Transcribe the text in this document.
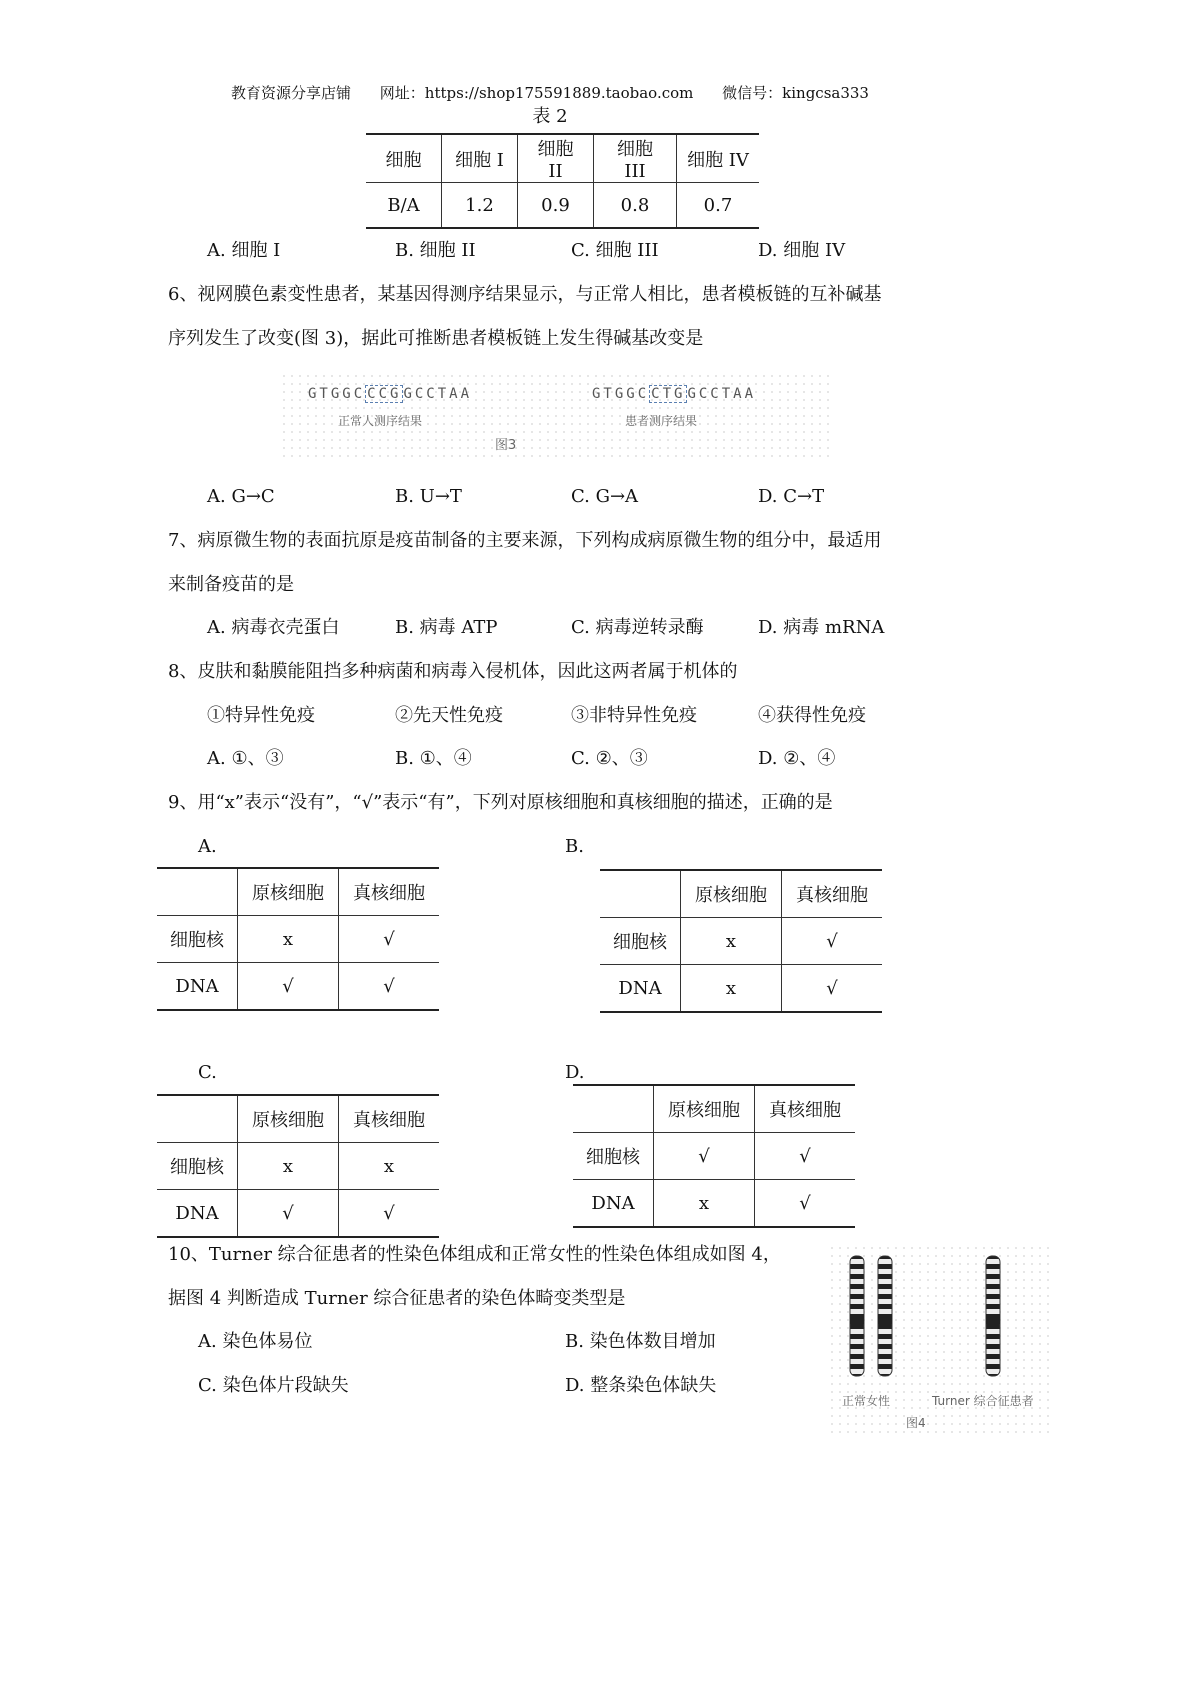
教育资源分享店铺 网址：https://shop175591889.taobao.com 微信号：kingcsa333
表 2
细胞	细胞 I	细胞 II	细胞 III	细胞 IV
B/A	1.2	0.9	0.8	0.7
A. 细胞 I	B. 细胞 II	C. 细胞 III	D. 细胞 IV
6、视网膜色素变性患者，某基因得测序结果显示，与正常人相比，患者模板链的互补碱基
序列发生了改变(图 3)，据此可推断患者模板链上发生得碱基改变是
GTGGC CCG GCCTAA
正常人测序结果
GTGGC CTG GCCTAA
患者测序结果
图3
A. G→C	B. U→T	C. G→A	D. C→T
7、病原微生物的表面抗原是疫苗制备的主要来源，下列构成病原微生物的组分中，最适用
来制备疫苗的是
A. 病毒衣壳蛋白	B. 病毒 ATP	C. 病毒逆转录酶	D. 病毒 mRNA
8、皮肤和黏膜能阻挡多种病菌和病毒入侵机体，因此这两者属于机体的
①特异性免疫	②先天性免疫	③非特异性免疫	④获得性免疫
A. ①、③	B. ①、④	C. ②、③	D. ②、④
9、用“x”表示“没有”，“√”表示“有”，下列对原核细胞和真核细胞的描述，正确的是
A.
	原核细胞	真核细胞
细胞核	x	√
DNA	√	√
B.
	原核细胞	真核细胞
细胞核	x	√
DNA	x	√
C.
	原核细胞	真核细胞
细胞核	x	x
DNA	√	√
D.
	原核细胞	真核细胞
细胞核	√	√
DNA	x	√
10、Turner 综合征患者的性染色体组成和正常女性的性染色体组成如图 4，
据图 4 判断造成 Turner 综合征患者的染色体畸变类型是
A. 染色体易位	B. 染色体数目增加
C. 染色体片段缺失	D. 整条染色体缺失
正常女性	Turner 综合征患者
图4
